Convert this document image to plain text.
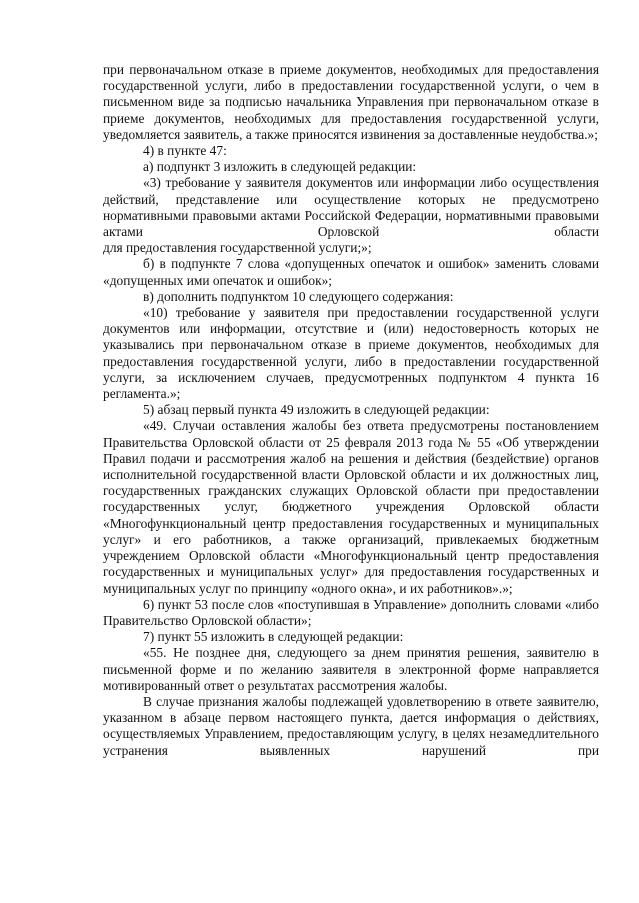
при первоначальном отказе в приеме документов, необходимых для предоставления государственной услуги, либо в предоставлении государственной услуги, о чем в письменном виде за подписью начальника Управления при первоначальном отказе в приеме документов, необходимых для предоставления государственной услуги, уведомляется заявитель, а также приносятся извинения за доставленные неудобства.»;

4) в пункте 47:

а) подпункт 3 изложить в следующей редакции:

«3) требование у заявителя документов или информации либо осуществления действий, представление или осуществление которых не предусмотрено нормативными правовыми актами Российской Федерации, нормативными правовыми актами Орловской области

для предоставления государственной услуги;»;

б) в подпункте 7 слова «допущенных опечаток и ошибок» заменить словами «допущенных ими опечаток и ошибок»;

в) дополнить подпунктом 10 следующего содержания:

«10) требование у заявителя при предоставлении государственной услуги документов или информации, отсутствие и (или) недостоверность которых не указывались при первоначальном отказе в приеме документов, необходимых для предоставления государственной услуги, либо в предоставлении государственной услуги, за исключением случаев, предусмотренных подпунктом 4 пункта 16 регламента.»;

5) абзац первый пункта 49 изложить в следующей редакции:

«49. Случаи оставления жалобы без ответа предусмотрены постановлением Правительства Орловской области от 25 февраля 2013 года № 55 «Об утверждении Правил подачи и рассмотрения жалоб на решения и действия (бездействие) органов исполнительной государственной власти Орловской области и их должностных лиц, государственных гражданских служащих Орловской области при предоставлении государственных услуг, бюджетного учреждения Орловской области «Многофункциональный центр предоставления государственных и муниципальных услуг» и его работников, а также организаций, привлекаемых бюджетным учреждением Орловской области «Многофункциональный центр предоставления государственных и муниципальных услуг» для предоставления государственных и муниципальных услуг по принципу «одного окна», и их работников».»;

6) пункт 53 после слов «поступившая в Управление» дополнить словами «либо Правительство Орловской области»;

7) пункт 55 изложить в следующей редакции:

«55. Не позднее дня, следующего за днем принятия решения, заявителю в письменной форме и по желанию заявителя в электронной форме направляется мотивированный ответ о результатах рассмотрения жалобы.

В случае признания жалобы подлежащей удовлетворению в ответе заявителю, указанном в абзаце первом настоящего пункта, дается информация о действиях, осуществляемых Управлением, предоставляющим услугу, в целях незамедлительного устранения выявленных нарушений при
